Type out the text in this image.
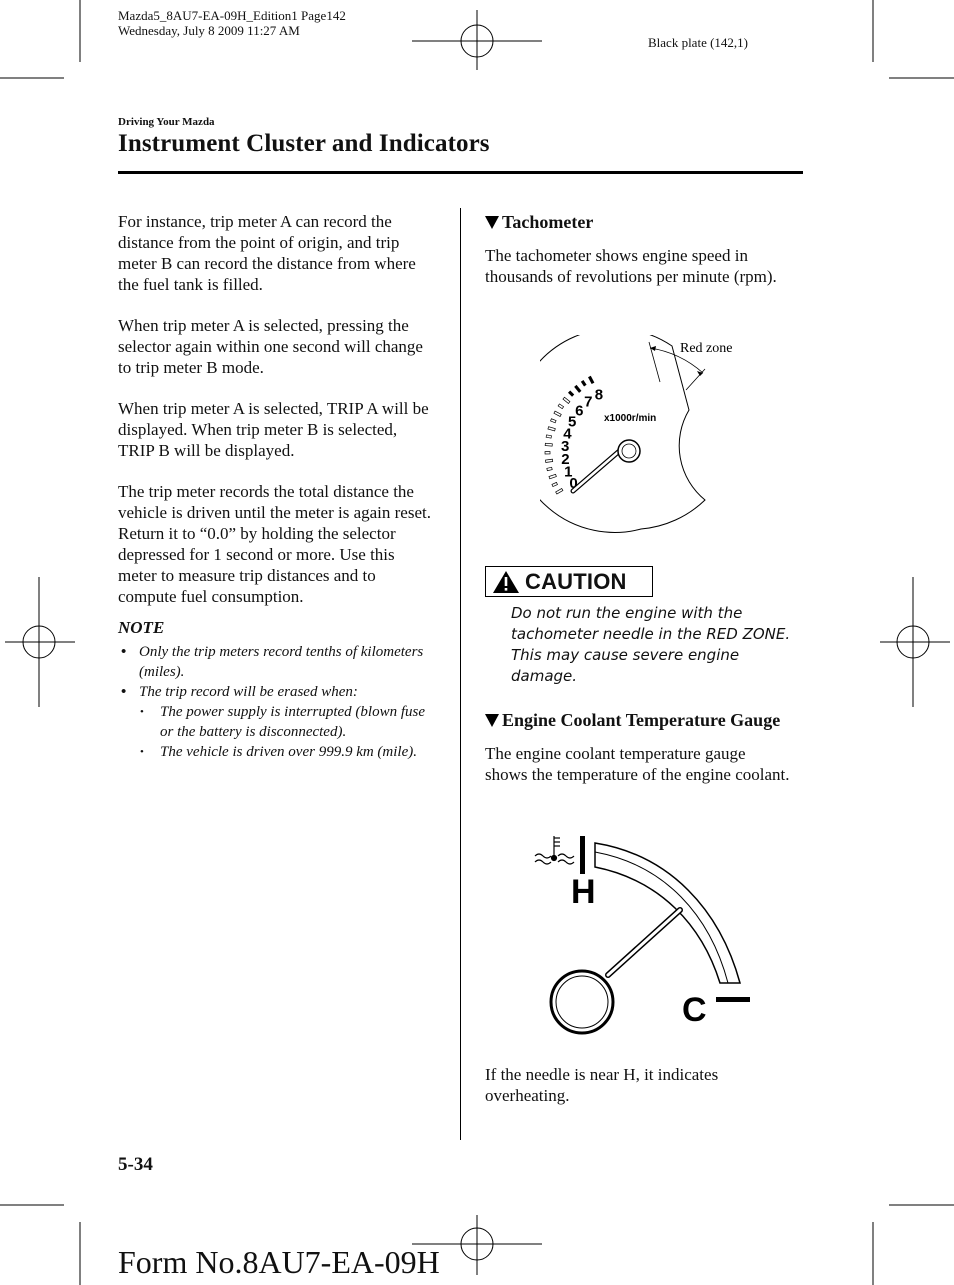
Mazda5_8AU7-EA-09H_Edition1 Page142
Wednesday, July 8 2009 11:27 AM
Black plate (142,1)
Driving Your Mazda
Instrument Cluster and Indicators

For instance, trip meter A can record the distance from the point of origin, and trip meter B can record the distance from where the fuel tank is filled.

When trip meter A is selected, pressing the selector again within one second will change to trip meter B mode.

When trip meter A is selected, TRIP A will be displayed. When trip meter B is selected, TRIP B will be displayed.

The trip meter records the total distance the vehicle is driven until the meter is again reset. Return it to “0.0” by holding the selector depressed for 1 second or more. Use this meter to measure trip distances and to compute fuel consumption.

NOTE
• Only the trip meters record tenths of kilometers (miles).
• The trip record will be erased when:
• The power supply is interrupted (blown fuse or the battery is disconnected).
• The vehicle is driven over 999.9 km (mile).
Tachometer
The tachometer shows engine speed in thousands of revolutions per minute (rpm).
0
1
2
3
4
5
6
7 8
x1000r/min
Red zone
CAUTION
Do not run the engine with the tachometer needle in the RED ZONE. This may cause severe engine damage.
Engine Coolant Temperature Gauge
The engine coolant temperature gauge shows the temperature of the engine coolant.
H
C
If the needle is near H, it indicates overheating.
5-34
Form No.8AU7-EA-09H
